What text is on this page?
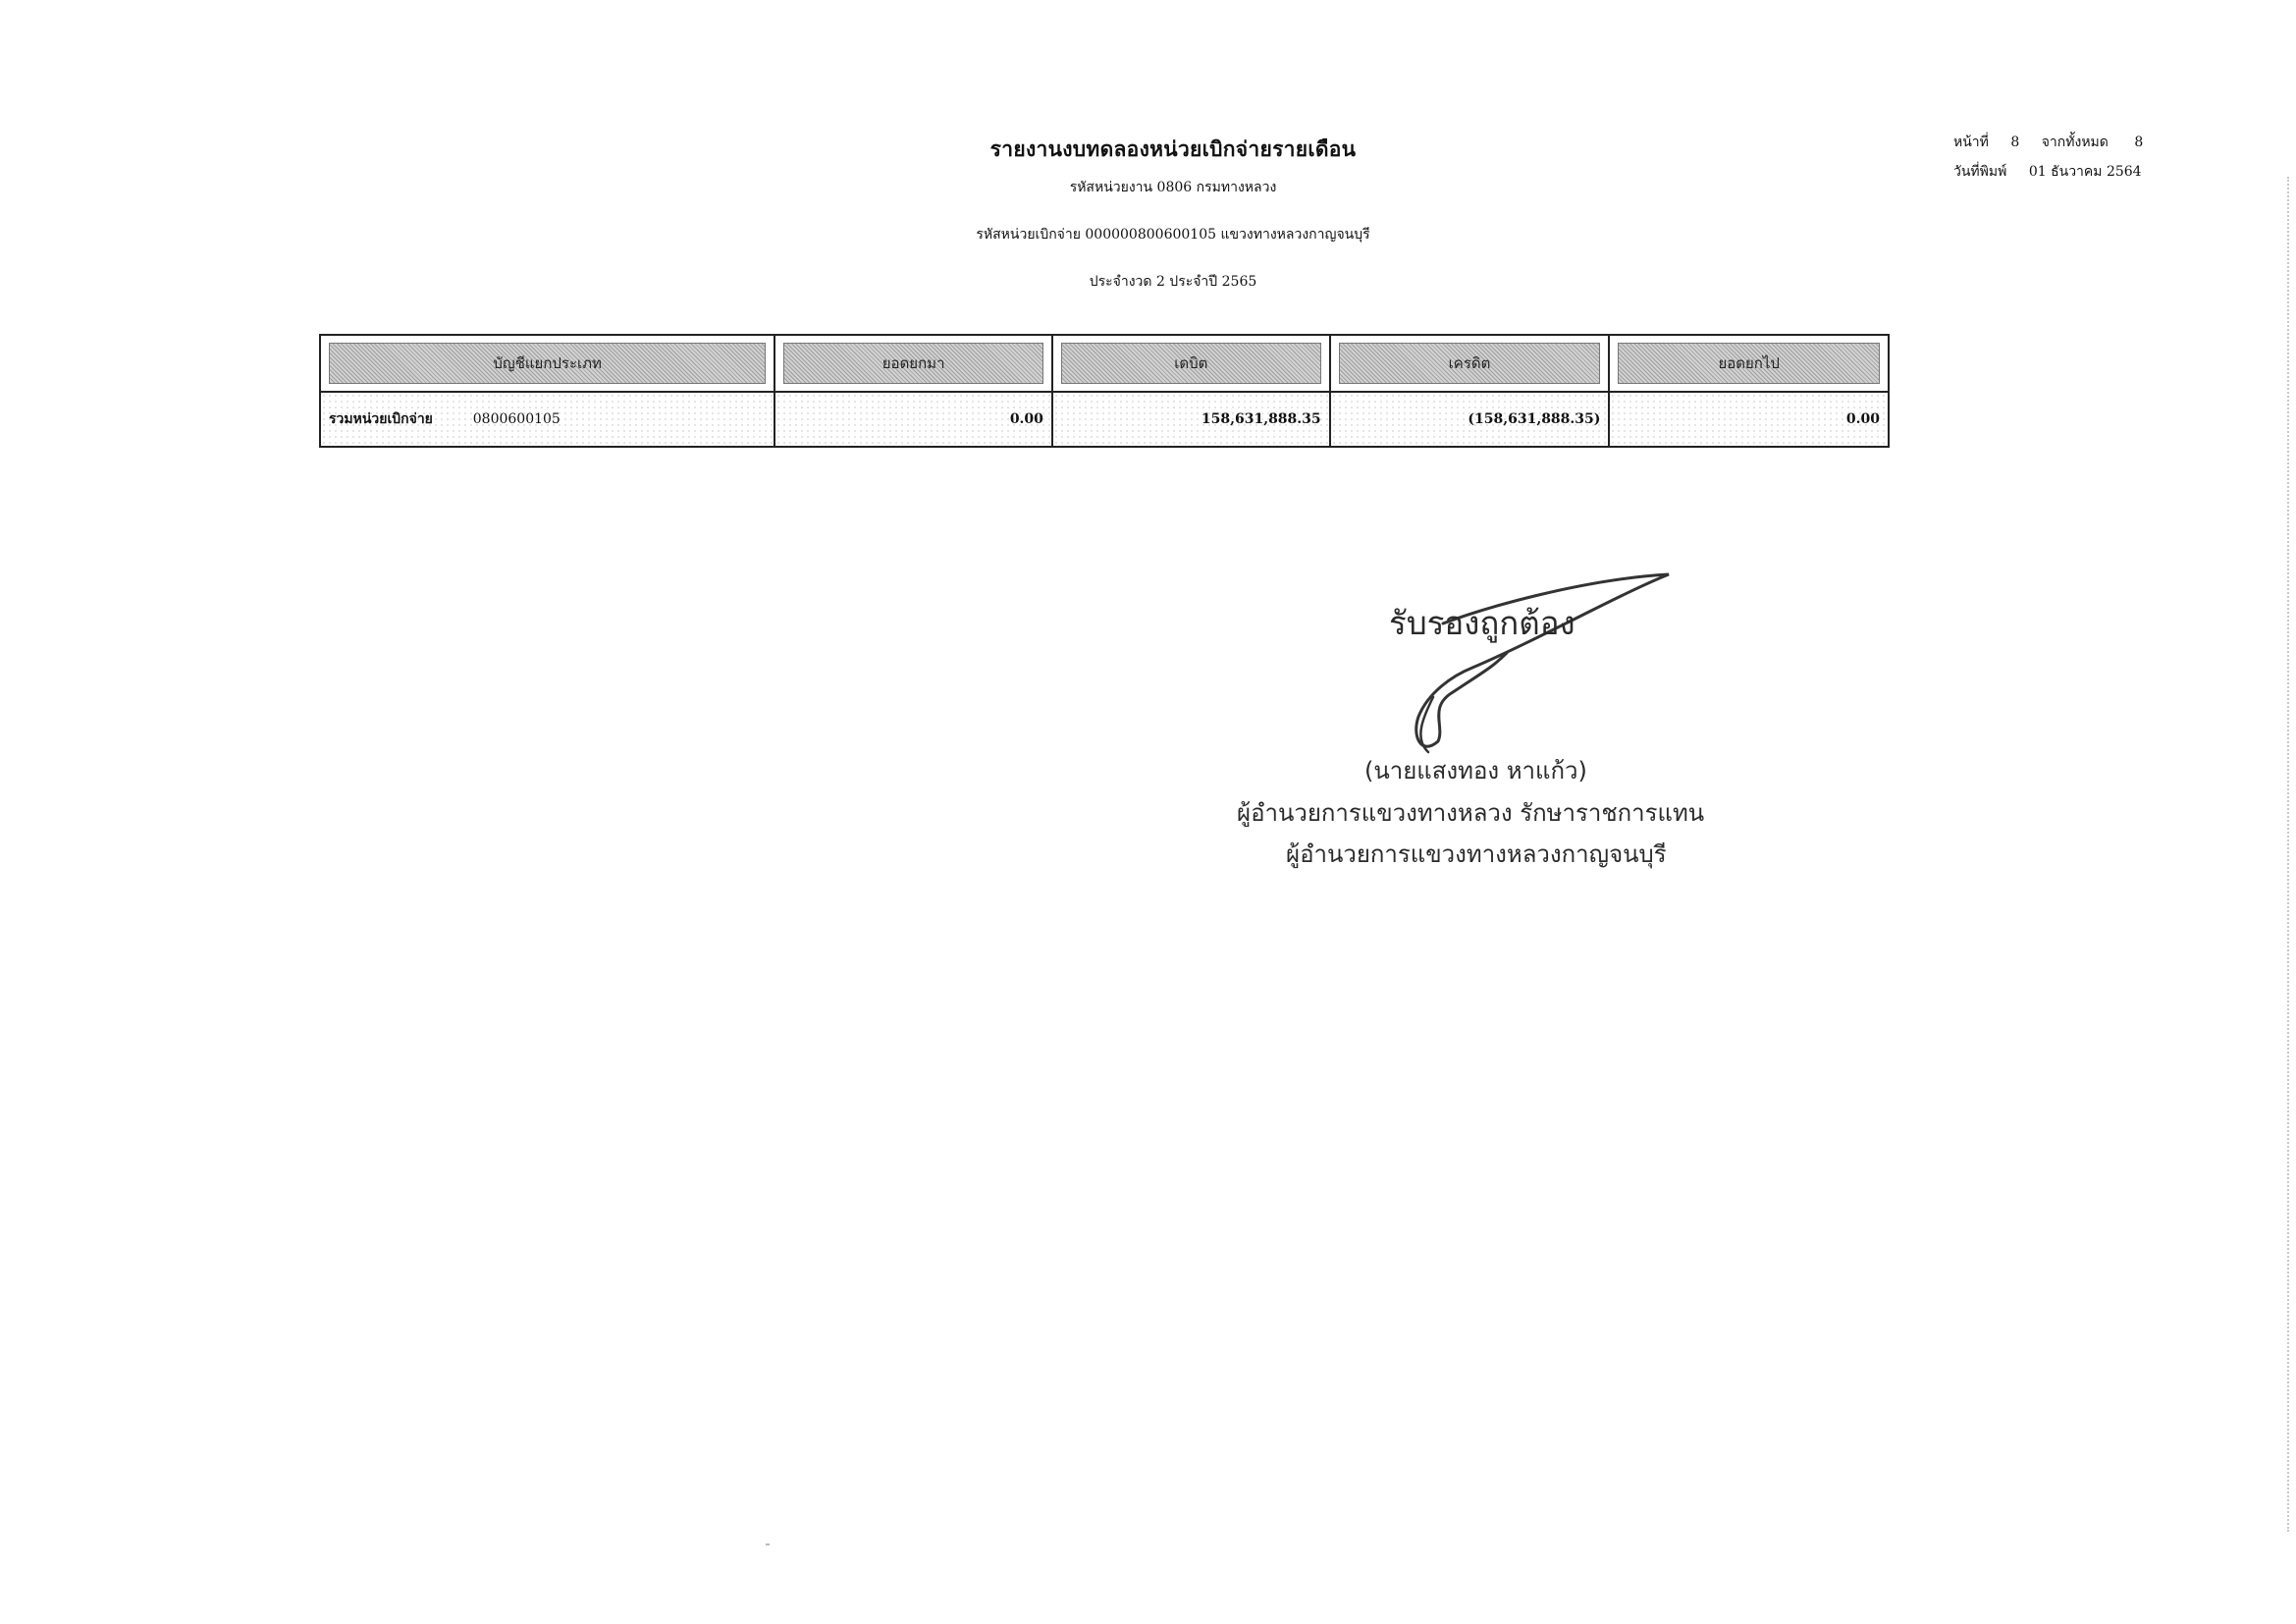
รายงานงบทดลองหน่วยเบิกจ่ายรายเดือน
รหัสหน่วยงาน 0806 กรมทางหลวง
รหัสหน่วยเบิกจ่าย 000000800600105 แขวงทางหลวงกาญจนบุรี
ประจำงวด 2 ประจำปี 2565
หน้าที่ 8 จากทั้งหมด 8
วันที่พิมพ์ 01 ธันวาคม 2564
บัญชีแยกประเภท	ยอดยกมา	เดบิต	เครดิต	ยอดยกไป

รวมหน่วยเบิกจ่าย 0800600105	0.00	158,631,888.35	(158,631,888.35)	0.00
รับรองถูกต้อง
(นายแสงทอง หาแก้ว)
ผู้อำนวยการแขวงทางหลวง รักษาราชการแทน
ผู้อำนวยการแขวงทางหลวงกาญจนบุรี
